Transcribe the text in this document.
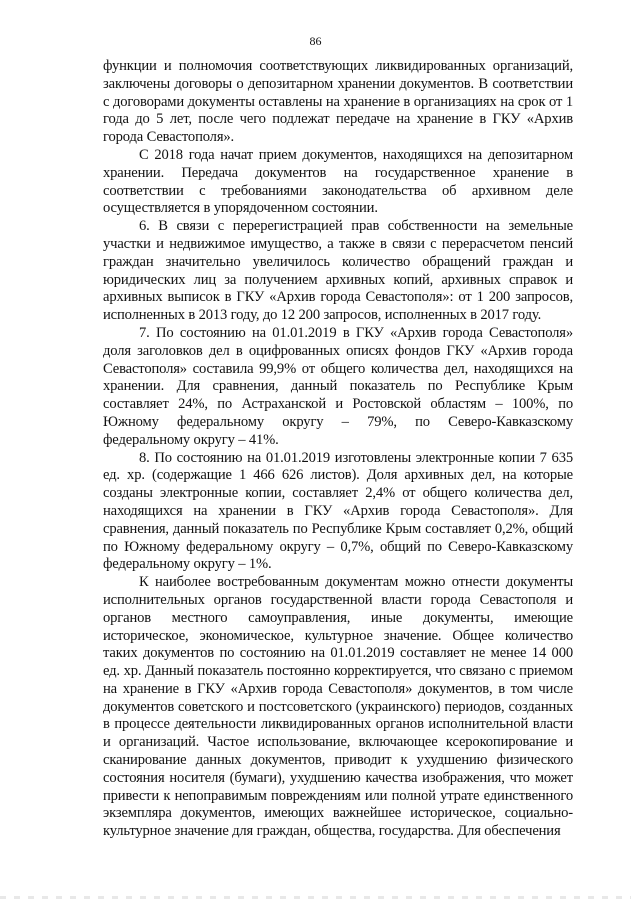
86

функции и полномочия соответствующих ликвидированных организаций, заключены договоры о депозитарном хранении документов. В соответствии с договорами документы оставлены на хранение в организациях на срок от 1 года до 5 лет, после чего подлежат передаче на хранение в ГКУ «Архив города Севастополя».

С 2018 года начат прием документов, находящихся на депозитарном хранении. Передача документов на государственное хранение в соответствии с требованиями законодательства об архивном деле осуществляется в упорядоченном состоянии.

6. В связи с перерегистрацией прав собственности на земельные участки и недвижимое имущество, а также в связи с перерасчетом пенсий граждан значительно увеличилось количество обращений граждан и юридических лиц за получением архивных копий, архивных справок и архивных выписок в ГКУ «Архив города Севастополя»: от 1 200 запросов, исполненных в 2013 году, до 12 200 запросов, исполненных в 2017 году.

7. По состоянию на 01.01.2019 в ГКУ «Архив города Севастополя» доля заголовков дел в оцифрованных описях фондов ГКУ «Архив города Севастополя» составила 99,9% от общего количества дел, находящихся на хранении. Для сравнения, данный показатель по Республике Крым составляет 24%, по Астраханской и Ростовской областям – 100%, по Южному федеральному округу – 79%, по Северо-Кавказскому федеральному округу – 41%.

8. По состоянию на 01.01.2019 изготовлены электронные копии 7 635 ед. хр. (содержащие 1 466 626 листов). Доля архивных дел, на которые созданы электронные копии, составляет 2,4% от общего количества дел, находящихся на хранении в ГКУ «Архив города Севастополя». Для сравнения, данный показатель по Республике Крым составляет 0,2%, общий по Южному федеральному округу – 0,7%, общий по Северо-Кавказскому федеральному округу – 1%.

К наиболее востребованным документам можно отнести документы исполнительных органов государственной власти города Севастополя и органов местного самоуправления, иные документы, имеющие историческое, экономическое, культурное значение. Общее количество таких документов по состоянию на 01.01.2019 составляет не менее 14 000 ед. хр. Данный показатель постоянно корректируется, что связано с приемом на хранение в ГКУ «Архив города Севастополя» документов, в том числе документов советского и постсоветского (украинского) периодов, созданных в процессе деятельности ликвидированных органов исполнительной власти и организаций. Частое использование, включающее ксерокопирование и сканирование данных документов, приводит к ухудшению физического состояния носителя (бумаги), ухудшению качества изображения, что может привести к непоправимым повреждениям или полной утрате единственного экземпляра документов, имеющих важнейшее историческое, социально-культурное значение для граждан, общества, государства. Для обеспечения
